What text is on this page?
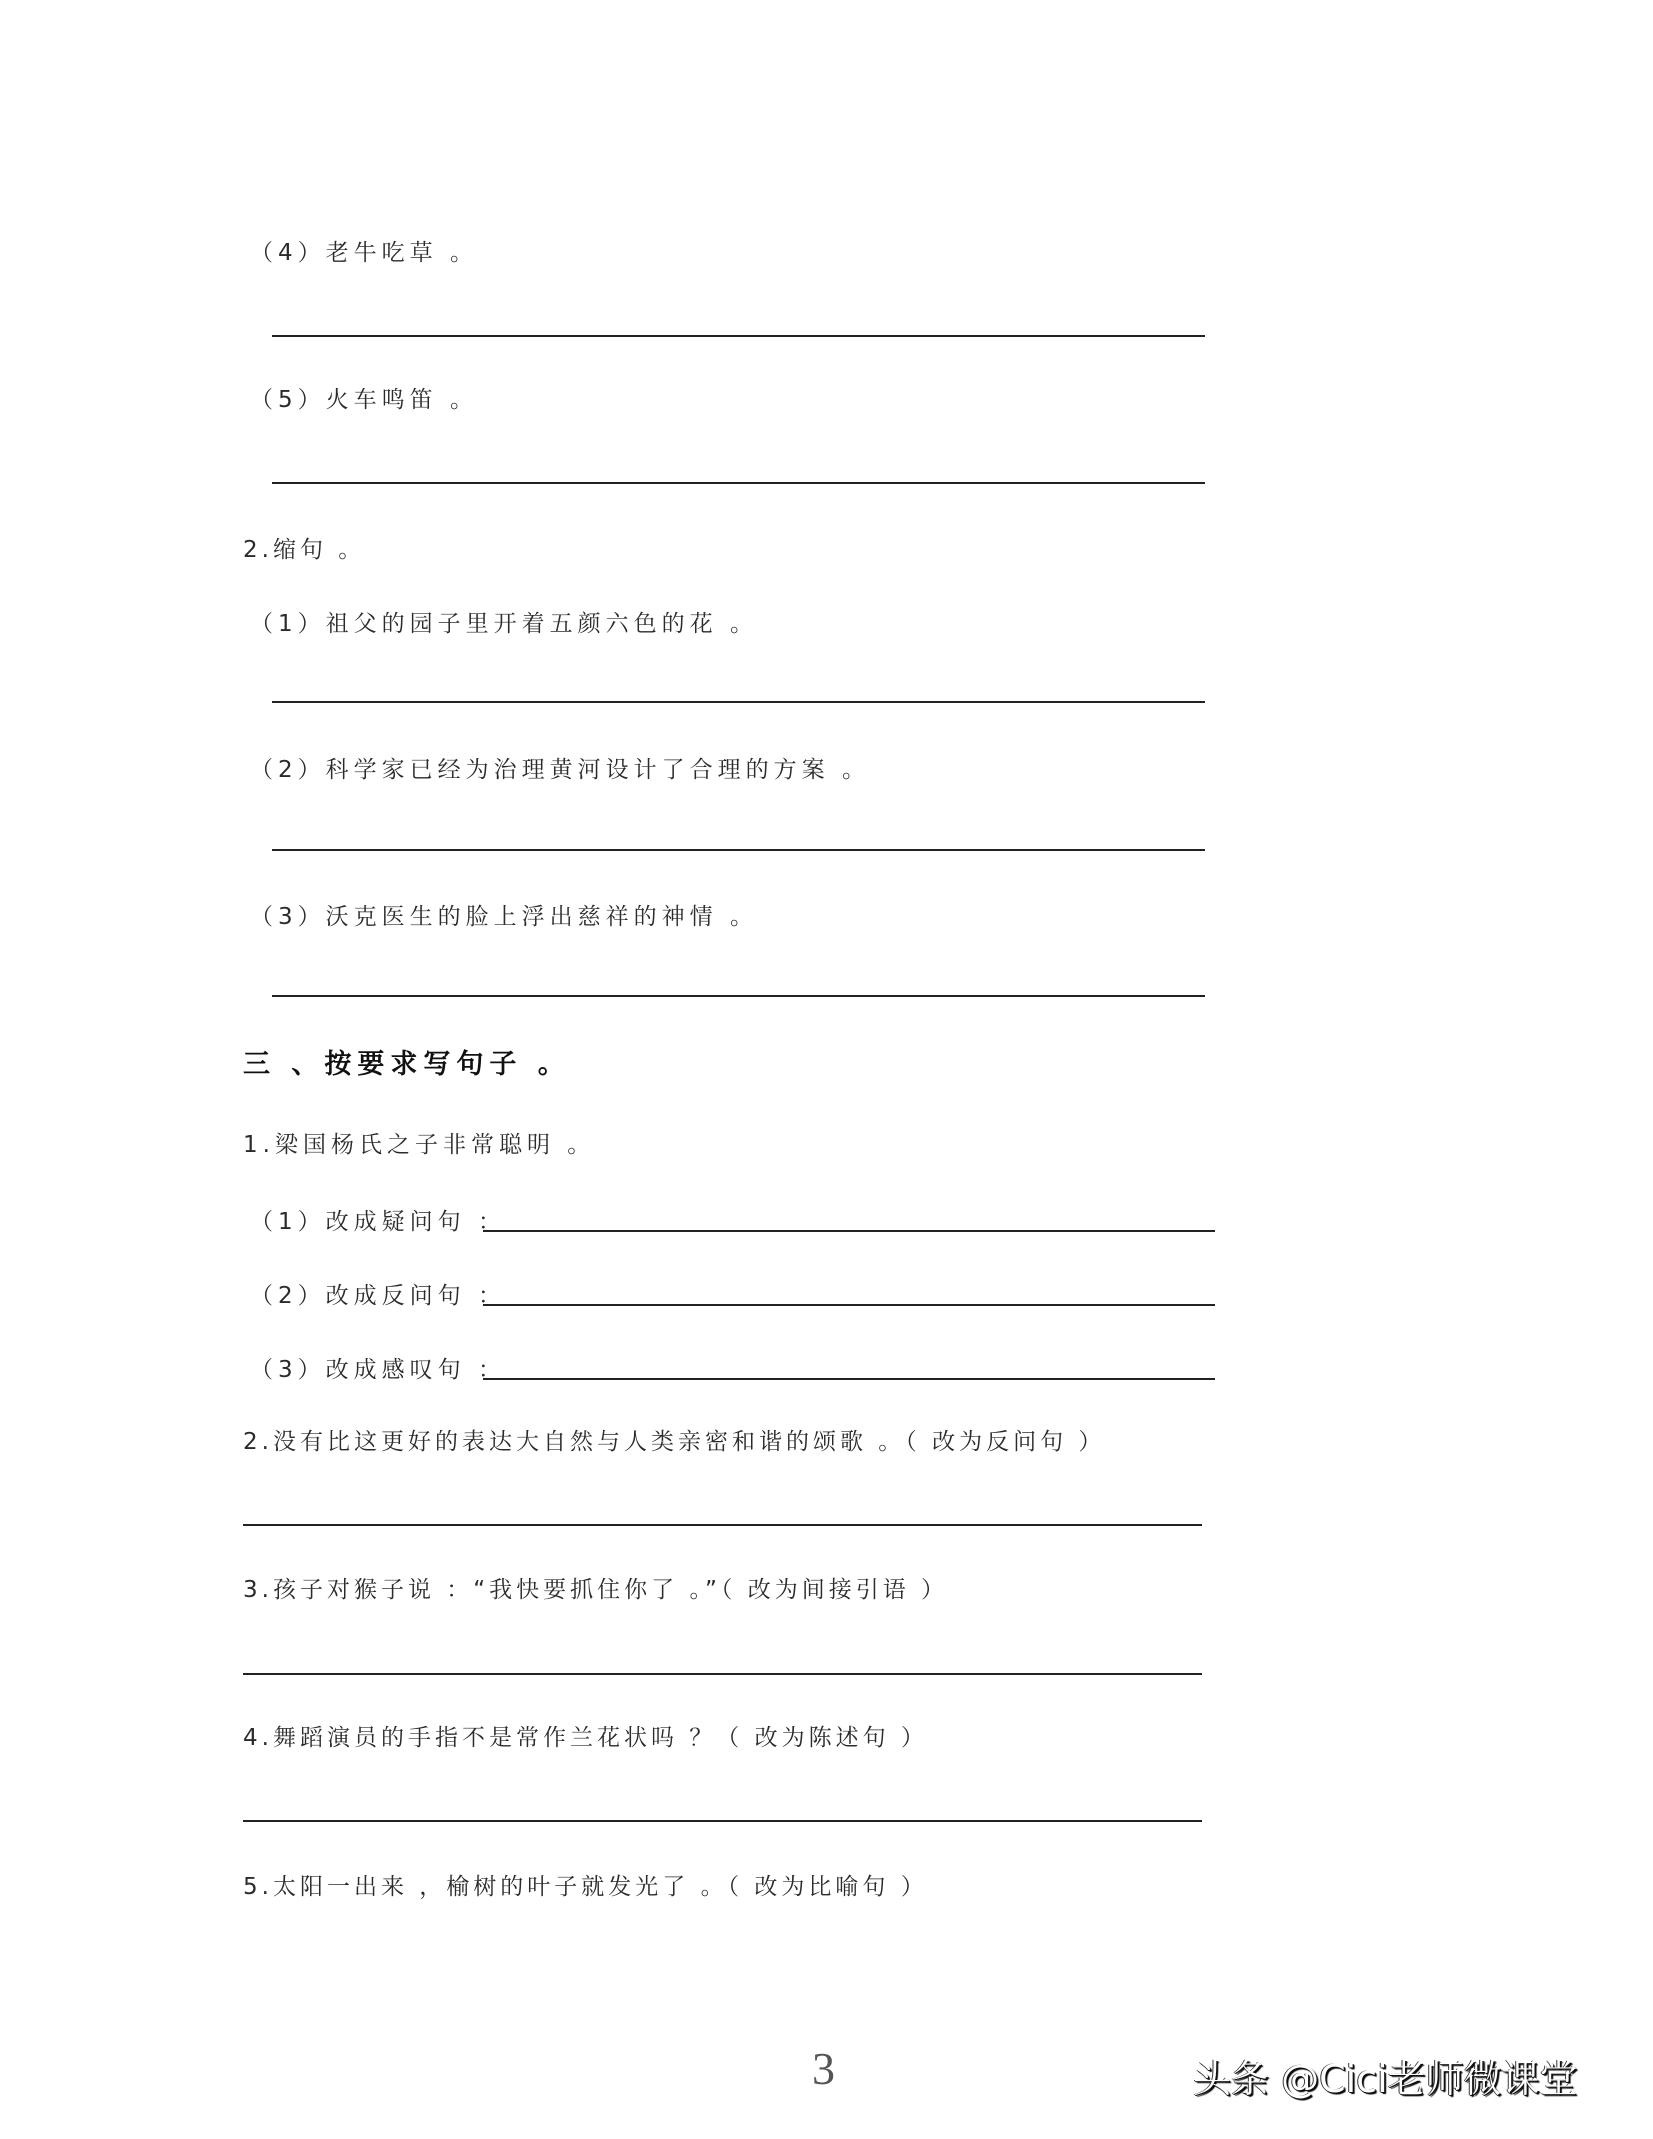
（4）老牛吃草 。
（5）火车鸣笛 。
2.缩句 。
（1）祖父的园子里开着五颜六色的花 。
（2）科学家已经为治理黄河设计了合理的方案 。
（3）沃克医生的脸上浮出慈祥的神情 。
三 、按要求写句子 。
1.梁国杨氏之子非常聪明 。
（1）改成疑问句 ：
（2）改成反问句 ：
（3）改成感叹句 ：
2.没有比这更好的表达大自然与人类亲密和谐的颂歌 。（ 改为反问句 ）
3.孩子对猴子说 ：“我快要抓住你了 。”（ 改为间接引语 ）
4.舞蹈演员的手指不是常作兰花状吗 ？（ 改为陈述句 ）
5.太阳一出来 ，榆树的叶子就发光了 。（ 改为比喻句 ）
3	头条 @Cici老师微课堂
